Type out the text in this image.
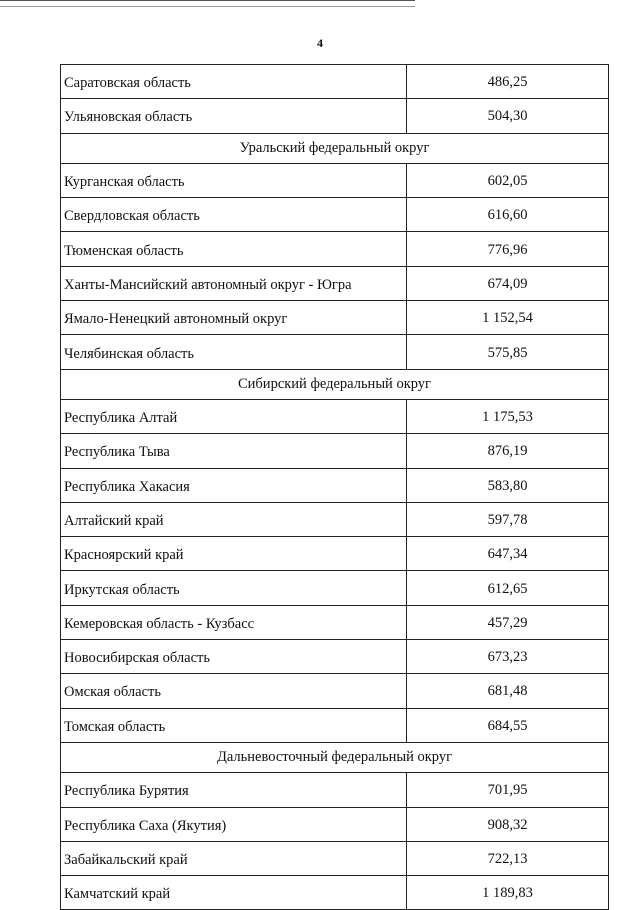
4
Саратовская область	486,25
Ульяновская область	504,30
Уральский федеральный округ	
Курганская область	602,05
Свердловская область	616,60
Тюменская область	776,96
Ханты-Мансийский автономный округ - Югра	674,09
Ямало-Ненецкий автономный округ	1 152,54
Челябинская область	575,85
Сибирский федеральный округ	
Республика Алтай	1 175,53
Республика Тыва	876,19
Республика Хакасия	583,80
Алтайский край	597,78
Красноярский край	647,34
Иркутская область	612,65
Кемеровская область - Кузбасс	457,29
Новосибирская область	673,23
Омская область	681,48
Томская область	684,55
Дальневосточный федеральный округ	
Республика Бурятия	701,95
Республика Саха (Якутия)	908,32
Забайкальский край	722,13
Камчатский край	1 189,83
